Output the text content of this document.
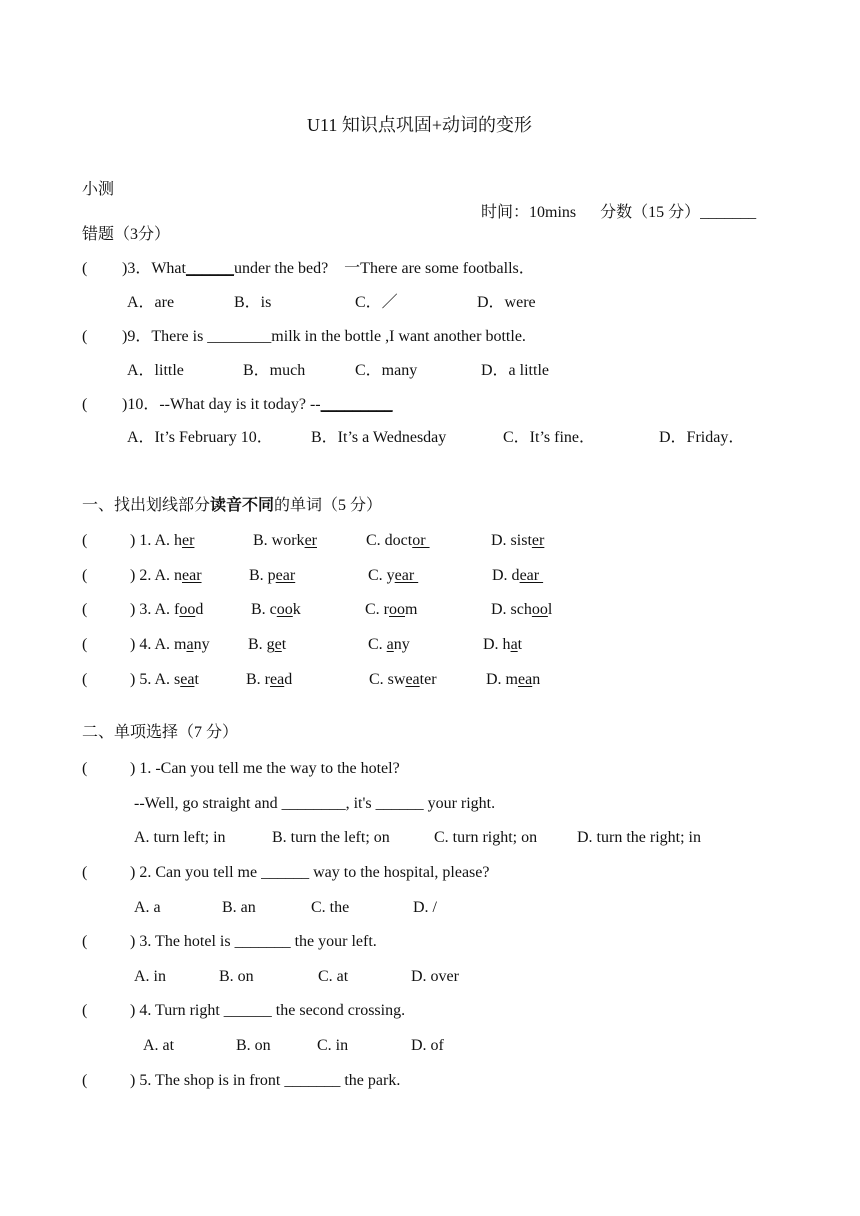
U11 知识点巩固+动词的变形
小测
时间：10mins      分数（15 分）_______
错题（3分）
( )3．What______under the bed?    一There are some footballs．
A．are	B．is	C．／	D．were
( )9．There is ________milk in the bottle ,I want another bottle.
A．little	B．much	C．many	D．a little
( )10．--What day is it today? --_________
A．It’s February 10． B．It’s a Wednesday	C．It’s fine．	D．Friday．
一、找出划线部分读音不同的单词（5 分）
(	) 1. A. her	B. worker	C. doctor	D. sister
(	) 2. A. near	B. pear	C. year	D. dear
(	) 3. A. food	B. cook	C. room	D. school
(	) 4. A. many B. get	C. any	D. hat
(	) 5. A. seat	B. read	C. sweater	D. mean
二、单项选择（7 分）
(	) 1. -Can you tell me the way to the hotel?
--Well, go straight and ________, it's ______ your right.
A. turn left; in	B. turn the left; on	C. turn right; on D. turn the right; in
(	) 2. Can you tell me ______ way to the hospital, please?
A. a	B. an	C. the	D. /
(	) 3. The hotel is _______ the your left.
A. in	B. on	C. at	D. over
(	) 4. Turn right ______ the second crossing.
A. at	B. on	C. in	D. of
(	) 5. The shop is in front _______ the park.
